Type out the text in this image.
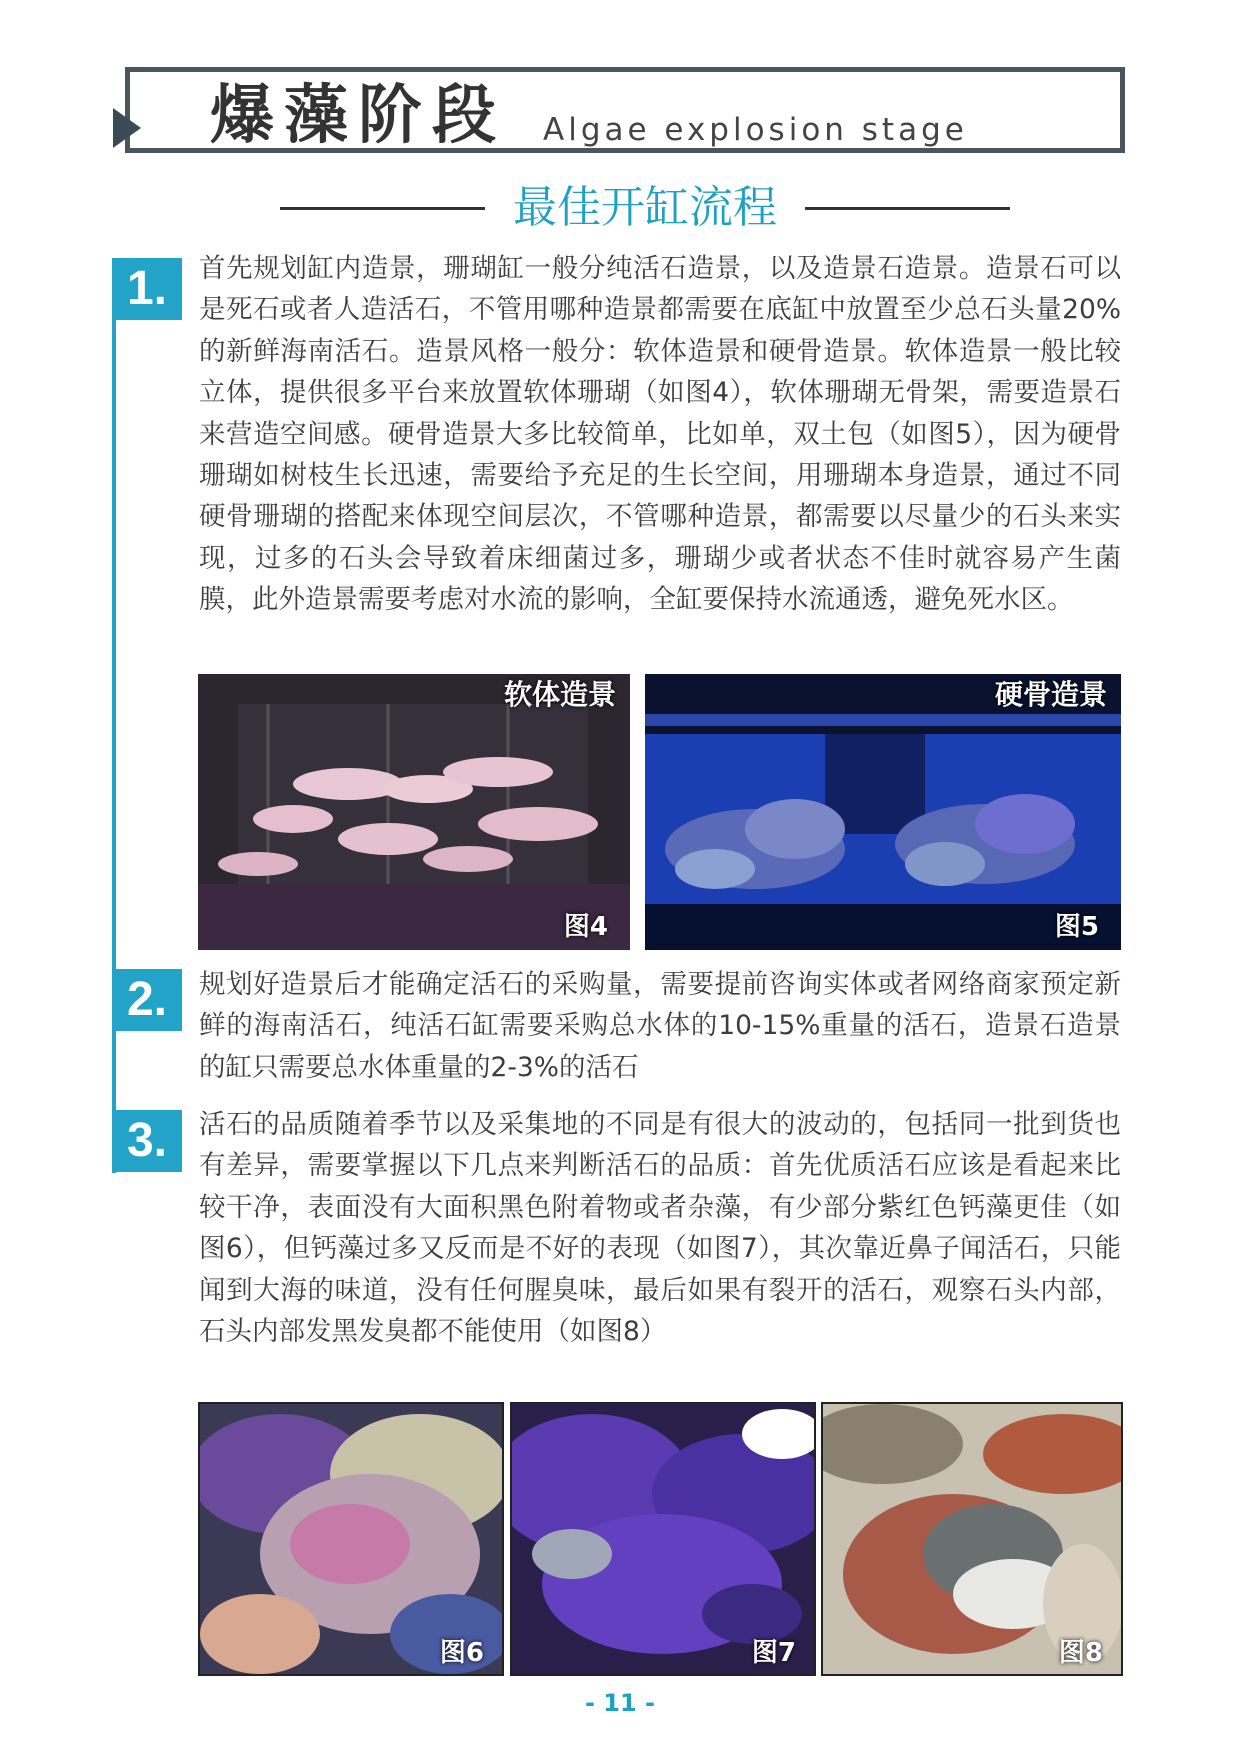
爆藻阶段 Algae explosion stage
最佳开缸流程
1.	首先规划缸内造景，珊瑚缸一般分纯活石造景，以及造景石造景。造景石可以是死石或者人造活石，不管用哪种造景都需要在底缸中放置至少总石头量20%的新鲜海南活石。造景风格一般分：软体造景和硬骨造景。软体造景一般比较立体，提供很多平台来放置软体珊瑚（如图4），软体珊瑚无骨架，需要造景石来营造空间感。硬骨造景大多比较简单，比如单，双土包（如图5），因为硬骨珊瑚如树枝生长迅速，需要给予充足的生长空间，用珊瑚本身造景，通过不同硬骨珊瑚的搭配来体现空间层次，不管哪种造景，都需要以尽量少的石头来实现，过多的石头会导致着床细菌过多，珊瑚少或者状态不佳时就容易产生菌膜，此外造景需要考虑对水流的影响，全缸要保持水流通透，避免死水区。

软体造景
图4
硬骨造景
图5
2.	规划好造景后才能确定活石的采购量，需要提前咨询实体或者网络商家预定新鲜的海南活石，纯活石缸需要采购总水体的10-15%重量的活石，造景石造景的缸只需要总水体重量的2-3%的活石

3.	活石的品质随着季节以及采集地的不同是有很大的波动的，包括同一批到货也有差异，需要掌握以下几点来判断活石的品质：首先优质活石应该是看起来比较干净，表面没有大面积黑色附着物或者杂藻，有少部分紫红色钙藻更佳（如图6），但钙藻过多又反而是不好的表现（如图7），其次靠近鼻子闻活石，只能闻到大海的味道，没有任何腥臭味，最后如果有裂开的活石，观察石头内部，石头内部发黑发臭都不能使用（如图8）

图6	图7	图8
- 11 -
